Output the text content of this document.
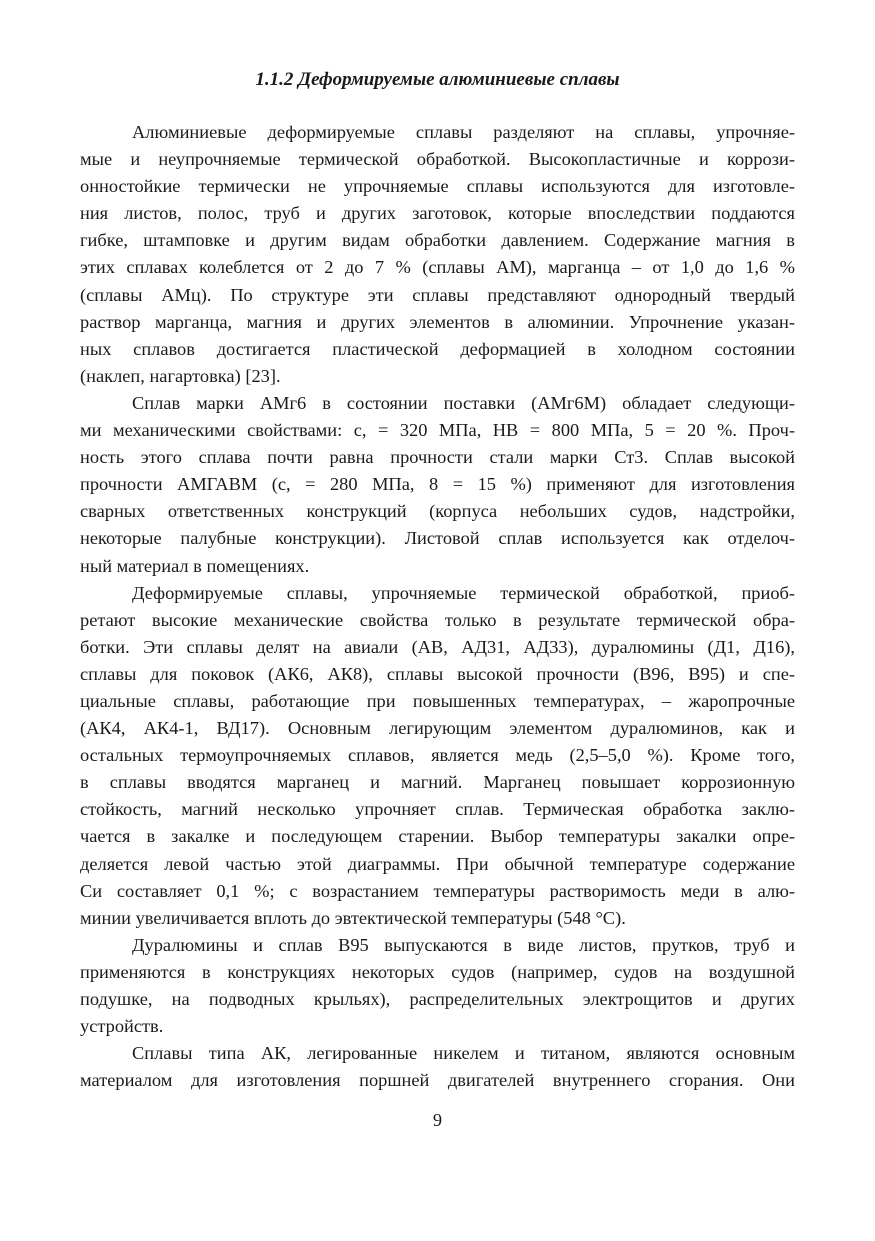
1.1.2 Деформируемые алюминиевые сплавы
Алюминиевые деформируемые сплавы разделяют на сплавы, упрочняе-
мые и неупрочняемые термической обработкой. Высокопластичные и коррози-
онностойкие термически не упрочняемые сплавы используются для изготовле-
ния листов, полос, труб и других заготовок, которые впоследствии поддаются
гибке, штамповке и другим видам обработки давлением. Содержание магния в
этих сплавах колеблется от 2 до 7 % (сплавы АМ), марганца – от 1,0 до 1,6 %
(сплавы АМц). По структуре эти сплавы представляют однородный твердый
раствор марганца, магния и других элементов в алюминии. Упрочнение указан-
ных сплавов достигается пластической деформацией в холодном состоянии
(наклеп, нагартовка) [23].
Сплав марки АМг6 в состоянии поставки (АМг6М) обладает следующи-
ми механическими свойствами: с, = 320 МПа, НВ = 800 МПа, 5 = 20 %. Проч-
ность этого сплава почти равна прочности стали марки Ст3. Сплав высокой
прочности АМГАВМ (с, = 280 МПа, 8 = 15 %) применяют для изготовления
сварных ответственных конструкций (корпуса небольших судов, надстройки,
некоторые палубные конструкции). Листовой сплав используется как отделоч-
ный материал в помещениях.
Деформируемые сплавы, упрочняемые термической обработкой, приоб-
ретают высокие механические свойства только в результате термической обра-
ботки. Эти сплавы делят на авиали (АВ, АД31, АД33), дуралюмины (Д1, Д16),
сплавы для поковок (АК6, АК8), сплавы высокой прочности (В96, В95) и спе-
циальные сплавы, работающие при повышенных температурах, – жаропрочные
(АК4, АК4-1, ВД17). Основным легирующим элементом дуралюминов, как и
остальных термоупрочняемых сплавов, является медь (2,5–5,0 %). Кроме того,
в сплавы вводятся марганец и магний. Марганец повышает коррозионную
стойкость, магний несколько упрочняет сплав. Термическая обработка заклю-
чается в закалке и последующем старении. Выбор температуры закалки опре-
деляется левой частью этой диаграммы. При обычной температуре содержание
Си составляет 0,1 %; с возрастанием температуры растворимость меди в алю-
минии увеличивается вплоть до эвтектической температуры (548 °С).
Дуралюмины и сплав В95 выпускаются в виде листов, прутков, труб и
применяются в конструкциях некоторых судов (например, судов на воздушной
подушке, на подводных крыльях), распределительных электрощитов и других
устройств.
Сплавы типа АК, легированные никелем и титаном, являются основным
материалом для изготовления поршней двигателей внутреннего сгорания. Они
9
